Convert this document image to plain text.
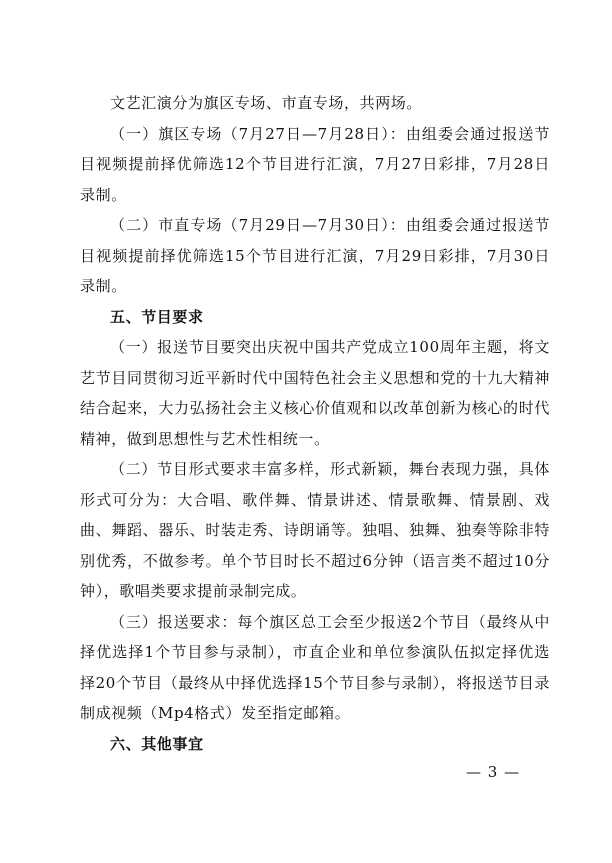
文艺汇演分为旗区专场、市直专场，共两场。

（一）旗区专场（7月27日—7月28日）：由组委会通过报送节目视频提前择优筛选12个节目进行汇演，7月27日彩排，7月28日录制。

（二）市直专场（7月29日—7月30日）：由组委会通过报送节目视频提前择优筛选15个节目进行汇演，7月29日彩排，7月30日录制。

五、节目要求

（一）报送节目要突出庆祝中国共产党成立100周年主题，将文艺节目同贯彻习近平新时代中国特色社会主义思想和党的十九大精神结合起来，大力弘扬社会主义核心价值观和以改革创新为核心的时代精神，做到思想性与艺术性相统一。

（二）节目形式要求丰富多样，形式新颖，舞台表现力强，具体形式可分为：大合唱、歌伴舞、情景讲述、情景歌舞、情景剧、戏曲、舞蹈、器乐、时装走秀、诗朗诵等。独唱、独舞、独奏等除非特别优秀，不做参考。单个节目时长不超过6分钟（语言类不超过10分钟），歌唱类要求提前录制完成。

（三）报送要求：每个旗区总工会至少报送2个节目（最终从中择优选择1个节目参与录制），市直企业和单位参演队伍拟定择优选择20个节目（最终从中择优选择15个节目参与录制），将报送节目录制成视频（Mp4格式）发至指定邮箱。

六、其他事宜

— 3 —
